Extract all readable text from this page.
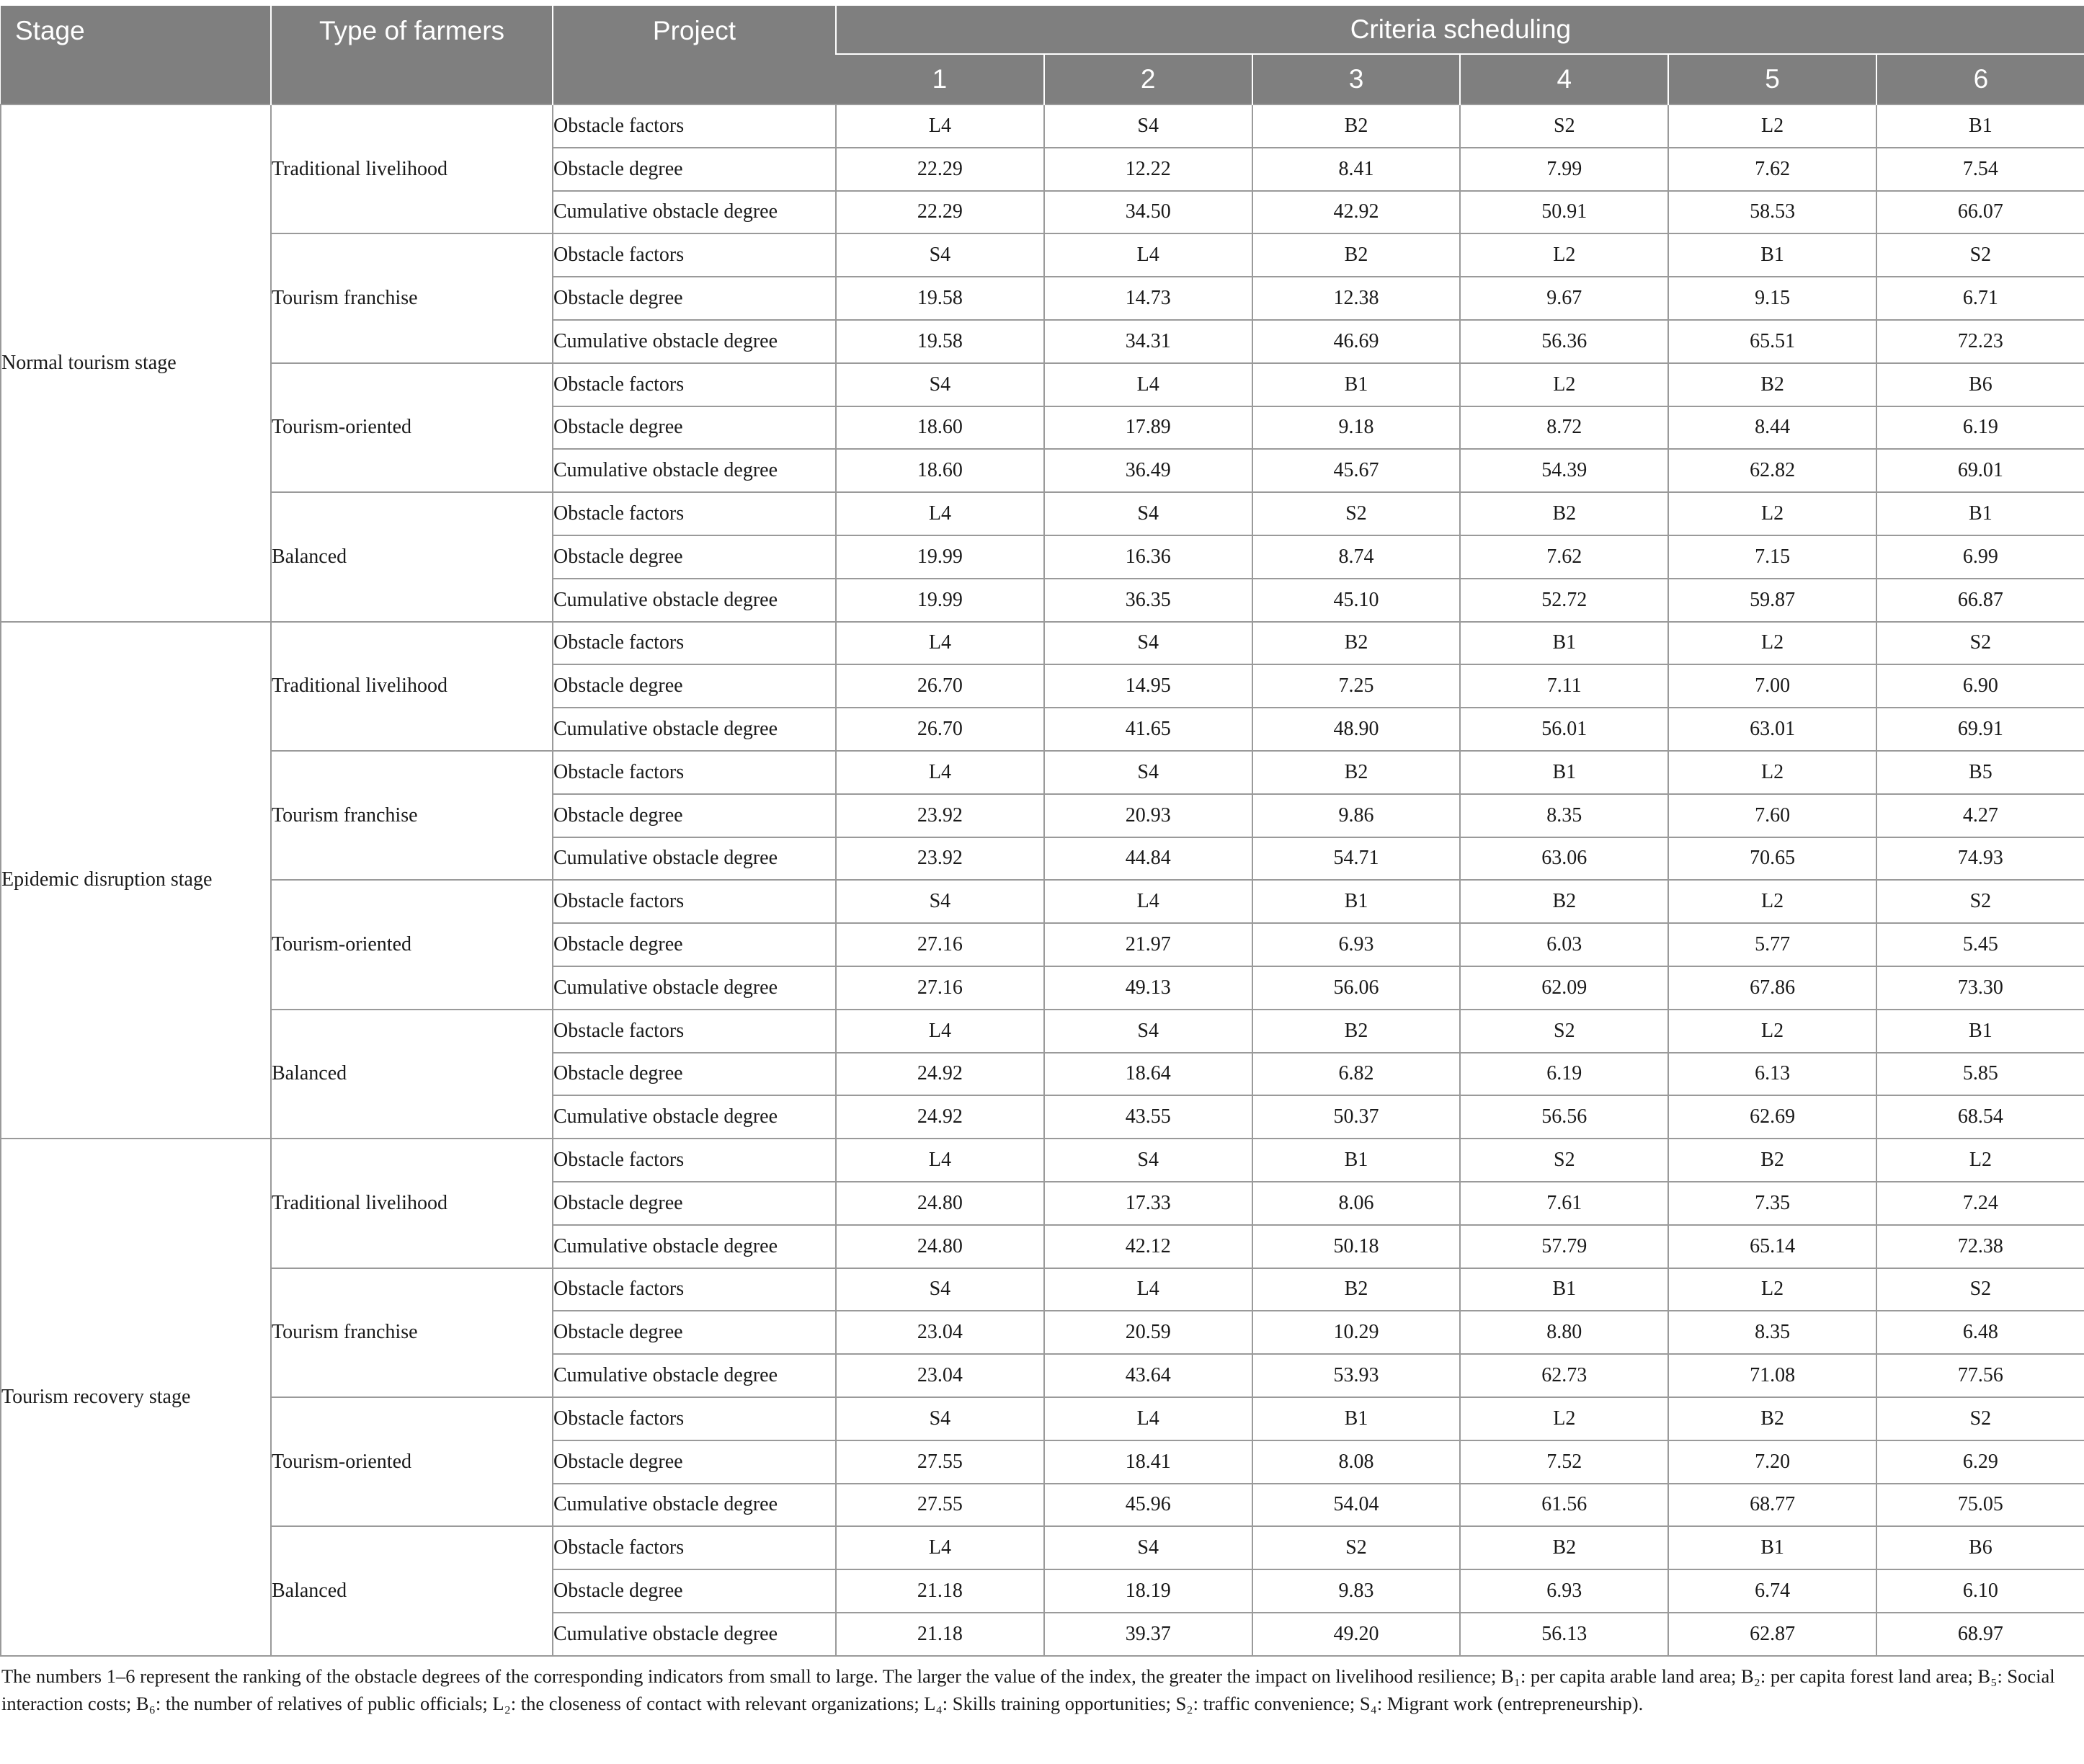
Stage	Type of farmers	Project	Criteria scheduling					
			1	2	3	4	5	6
Normal tourism stage	Traditional livelihood	Obstacle factors	L4	S4	B2	S2	L2	B1
		Obstacle degree	22.29	12.22	8.41	7.99	7.62	7.54
		Cumulative obstacle degree	22.29	34.50	42.92	50.91	58.53	66.07
	Tourism franchise	Obstacle factors	S4	L4	B2	L2	B1	S2
		Obstacle degree	19.58	14.73	12.38	9.67	9.15	6.71
		Cumulative obstacle degree	19.58	34.31	46.69	56.36	65.51	72.23
	Tourism-oriented	Obstacle factors	S4	L4	B1	L2	B2	B6
		Obstacle degree	18.60	17.89	9.18	8.72	8.44	6.19
		Cumulative obstacle degree	18.60	36.49	45.67	54.39	62.82	69.01
	Balanced	Obstacle factors	L4	S4	S2	B2	L2	B1
		Obstacle degree	19.99	16.36	8.74	7.62	7.15	6.99
		Cumulative obstacle degree	19.99	36.35	45.10	52.72	59.87	66.87
Epidemic disruption stage	Traditional livelihood	Obstacle factors	L4	S4	B2	B1	L2	S2
		Obstacle degree	26.70	14.95	7.25	7.11	7.00	6.90
		Cumulative obstacle degree	26.70	41.65	48.90	56.01	63.01	69.91
	Tourism franchise	Obstacle factors	L4	S4	B2	B1	L2	B5
		Obstacle degree	23.92	20.93	9.86	8.35	7.60	4.27
		Cumulative obstacle degree	23.92	44.84	54.71	63.06	70.65	74.93
	Tourism-oriented	Obstacle factors	S4	L4	B1	B2	L2	S2
		Obstacle degree	27.16	21.97	6.93	6.03	5.77	5.45
		Cumulative obstacle degree	27.16	49.13	56.06	62.09	67.86	73.30
	Balanced	Obstacle factors	L4	S4	B2	S2	L2	B1
		Obstacle degree	24.92	18.64	6.82	6.19	6.13	5.85
		Cumulative obstacle degree	24.92	43.55	50.37	56.56	62.69	68.54
Tourism recovery stage	Traditional livelihood	Obstacle factors	L4	S4	B1	S2	B2	L2
		Obstacle degree	24.80	17.33	8.06	7.61	7.35	7.24
		Cumulative obstacle degree	24.80	42.12	50.18	57.79	65.14	72.38
	Tourism franchise	Obstacle factors	S4	L4	B2	B1	L2	S2
		Obstacle degree	23.04	20.59	10.29	8.80	8.35	6.48
		Cumulative obstacle degree	23.04	43.64	53.93	62.73	71.08	77.56
	Tourism-oriented	Obstacle factors	S4	L4	B1	L2	B2	S2
		Obstacle degree	27.55	18.41	8.08	7.52	7.20	6.29
		Cumulative obstacle degree	27.55	45.96	54.04	61.56	68.77	75.05
	Balanced	Obstacle factors	L4	S4	S2	B2	B1	B6
		Obstacle degree	21.18	18.19	9.83	6.93	6.74	6.10
		Cumulative obstacle degree	21.18	39.37	49.20	56.13	62.87	68.97
The numbers 1–6 represent the ranking of the obstacle degrees of the corresponding indicators from small to large. The larger the value of the index, the greater the impact on livelihood resilience; B₁: per capita arable land area; B₂: per capita forest land area; B₅: Social interaction costs; B₆: the number of relatives of public officials; L₂: the closeness of contact with relevant organizations; L₄: Skills training opportunities; S₂: traffic convenience; S₄: Migrant work (entrepreneurship).
